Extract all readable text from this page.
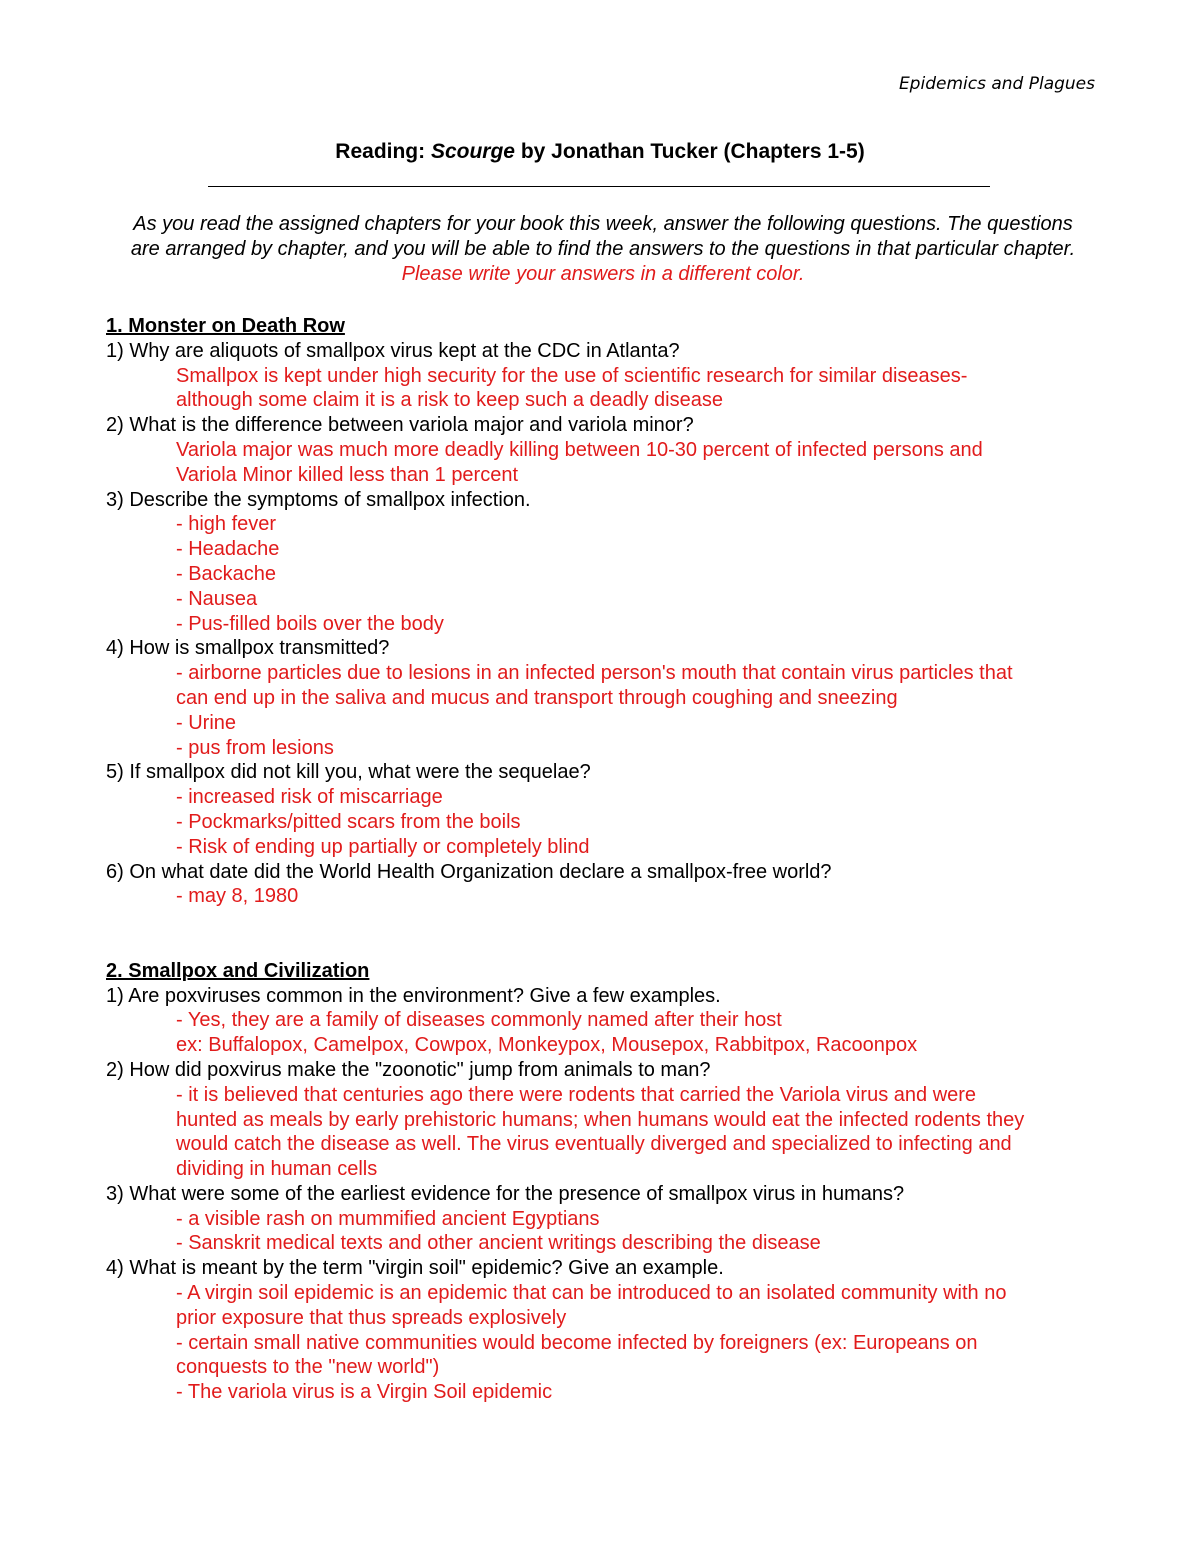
Epidemics and Plagues
Reading: Scourge by Jonathan Tucker (Chapters 1-5)
As you read the assigned chapters for your book this week, answer the following questions. The questions are arranged by chapter, and you will be able to find the answers to the questions in that particular chapter. Please write your answers in a different color.
1. Monster on Death Row
1) Why are aliquots of smallpox virus kept at the CDC in Atlanta?
Smallpox is kept under high security for the use of scientific research for similar diseases-
although some claim it is a risk to keep such a deadly disease
2) What is the difference between variola major and variola minor?
Variola major was much more deadly killing between 10-30 percent of infected persons and
Variola Minor killed less than 1 percent
3) Describe the symptoms of smallpox infection.
- high fever
- Headache
- Backache
- Nausea
- Pus-filled boils over the body
4) How is smallpox transmitted?
- airborne particles due to lesions in an infected person's mouth that contain virus particles that
can end up in the saliva and mucus and transport through coughing and sneezing
- Urine
- pus from lesions
5) If smallpox did not kill you, what were the sequelae?
- increased risk of miscarriage
- Pockmarks/pitted scars from the boils
- Risk of ending up partially or completely blind
6) On what date did the World Health Organization declare a smallpox-free world?
- may 8, 1980
2. Smallpox and Civilization
1) Are poxviruses common in the environment? Give a few examples.
- Yes, they are a family of diseases commonly named after their host
ex: Buffalopox, Camelpox, Cowpox, Monkeypox, Mousepox, Rabbitpox, Racoonpox
2) How did poxvirus make the "zoonotic" jump from animals to man?
- it is believed that centuries ago there were rodents that carried the Variola virus and were
hunted as meals by early prehistoric humans; when humans would eat the infected rodents they
would catch the disease as well. The virus eventually diverged and specialized to infecting and
dividing in human cells
3) What were some of the earliest evidence for the presence of smallpox virus in humans?
- a visible rash on mummified ancient Egyptians
- Sanskrit medical texts and other ancient writings describing the disease
4) What is meant by the term "virgin soil" epidemic? Give an example.
- A virgin soil epidemic is an epidemic that can be introduced to an isolated community with no
prior exposure that thus spreads explosively
- certain small native communities would become infected by foreigners (ex: Europeans on
conquests to the "new world")
- The variola virus is a Virgin Soil epidemic
